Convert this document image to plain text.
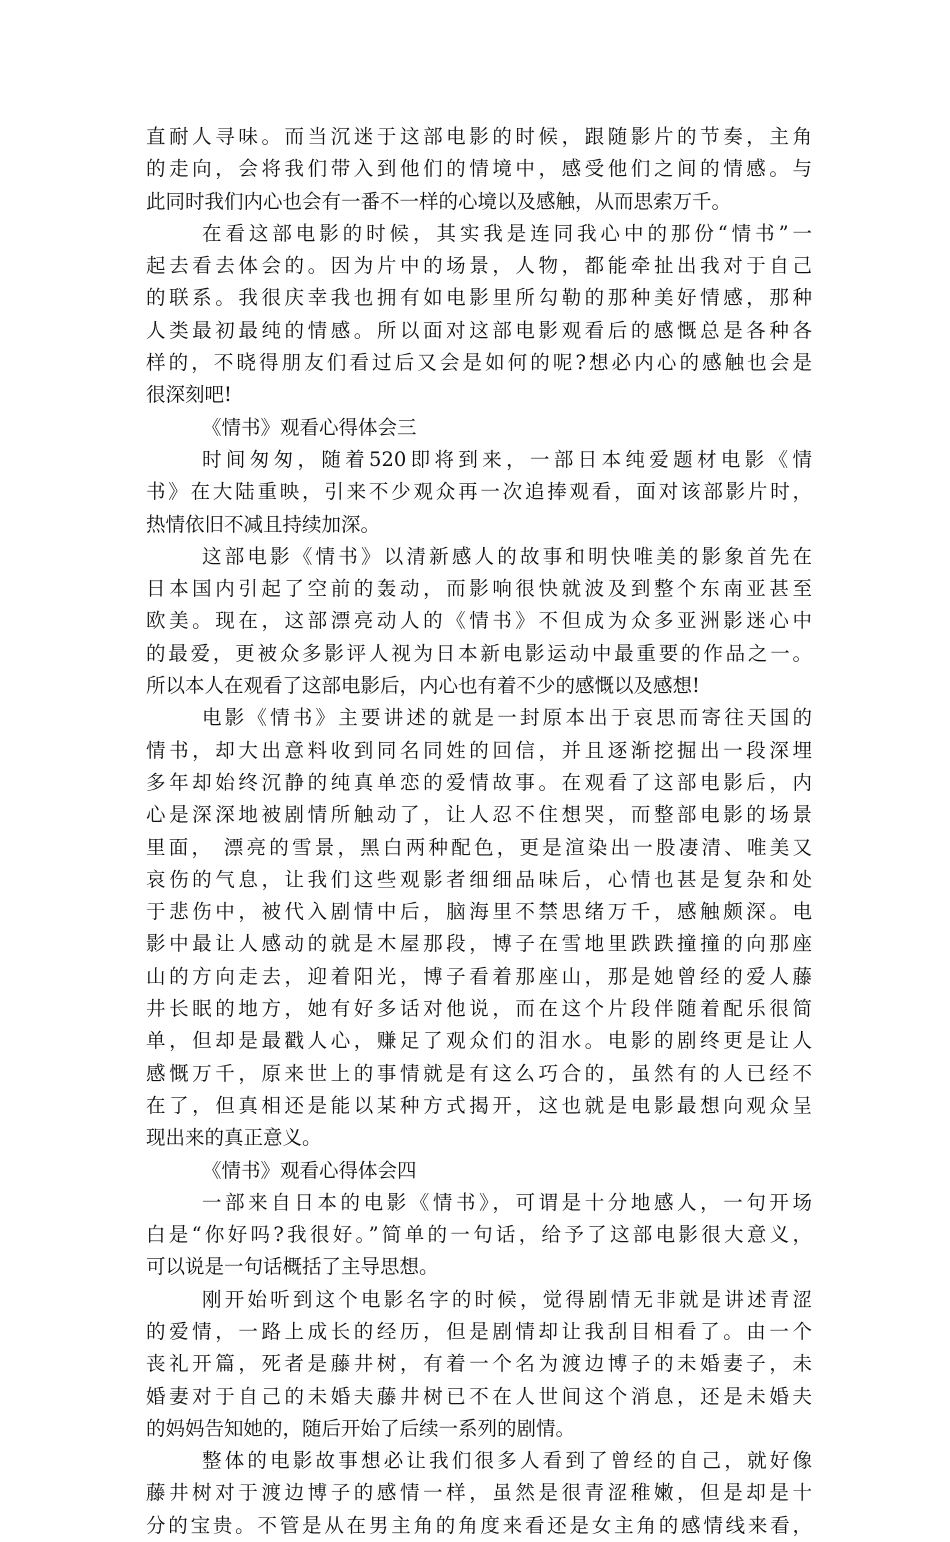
直耐人寻味。而当沉迷于这部电影的时候，跟随影片的节奏，主角
的走向，会将我们带入到他们的情境中，感受他们之间的情感。与
此同时我们内心也会有一番不一样的心境以及感触，从而思索万千。
在看这部电影的时候，其实我是连同我心中的那份“情书”一
起去看去体会的。因为片中的场景，人物，都能牵扯出我对于自己
的联系。我很庆幸我也拥有如电影里所勾勒的那种美好情感，那种
人类最初最纯的情感。所以面对这部电影观看后的感慨总是各种各
样的，不晓得朋友们看过后又会是如何的呢?想必内心的感触也会是
很深刻吧!
《情书》观看心得体会三
时间匆匆，随着520即将到来，一部日本纯爱题材电影《情
书》在大陆重映，引来不少观众再一次追捧观看，面对该部影片时，
热情依旧不减且持续加深。
这部电影《情书》以清新感人的故事和明快唯美的影象首先在
日本国内引起了空前的轰动，而影响很快就波及到整个东南亚甚至
欧美。现在，这部漂亮动人的《情书》不但成为众多亚洲影迷心中
的最爱，更被众多影评人视为日本新电影运动中最重要的作品之一。
所以本人在观看了这部电影后，内心也有着不少的感慨以及感想!
电影《情书》主要讲述的就是一封原本出于哀思而寄往天国的
情书，却大出意料收到同名同姓的回信，并且逐渐挖掘出一段深埋
多年却始终沉静的纯真单恋的爱情故事。在观看了这部电影后，内
心是深深地被剧情所触动了，让人忍不住想哭，而整部电影的场景
里面， 漂亮的雪景，黑白两种配色，更是渲染出一股凄清、唯美又
哀伤的气息，让我们这些观影者细细品味后，心情也甚是复杂和处
于悲伤中，被代入剧情中后，脑海里不禁思绪万千，感触颇深。电
影中最让人感动的就是木屋那段，博子在雪地里跌跌撞撞的向那座
山的方向走去，迎着阳光，博子看着那座山，那是她曾经的爱人藤
井长眠的地方，她有好多话对他说，而在这个片段伴随着配乐很简
单，但却是最戳人心，赚足了观众们的泪水。电影的剧终更是让人
感慨万千，原来世上的事情就是有这么巧合的，虽然有的人已经不
在了，但真相还是能以某种方式揭开，这也就是电影最想向观众呈
现出来的真正意义。
《情书》观看心得体会四
一部来自日本的电影《情书》，可谓是十分地感人，一句开场
白是“你好吗?我很好。”简单的一句话，给予了这部电影很大意义，
可以说是一句话概括了主导思想。
刚开始听到这个电影名字的时候，觉得剧情无非就是讲述青涩
的爱情，一路上成长的经历，但是剧情却让我刮目相看了。由一个
丧礼开篇，死者是藤井树，有着一个名为渡边博子的未婚妻子，未
婚妻对于自己的未婚夫藤井树已不在人世间这个消息，还是未婚夫
的妈妈告知她的，随后开始了后续一系列的剧情。
整体的电影故事想必让我们很多人看到了曾经的自己，就好像
藤井树对于渡边博子的感情一样，虽然是很青涩稚嫩，但是却是十
分的宝贵。不管是从在男主角的角度来看还是女主角的感情线来看，
